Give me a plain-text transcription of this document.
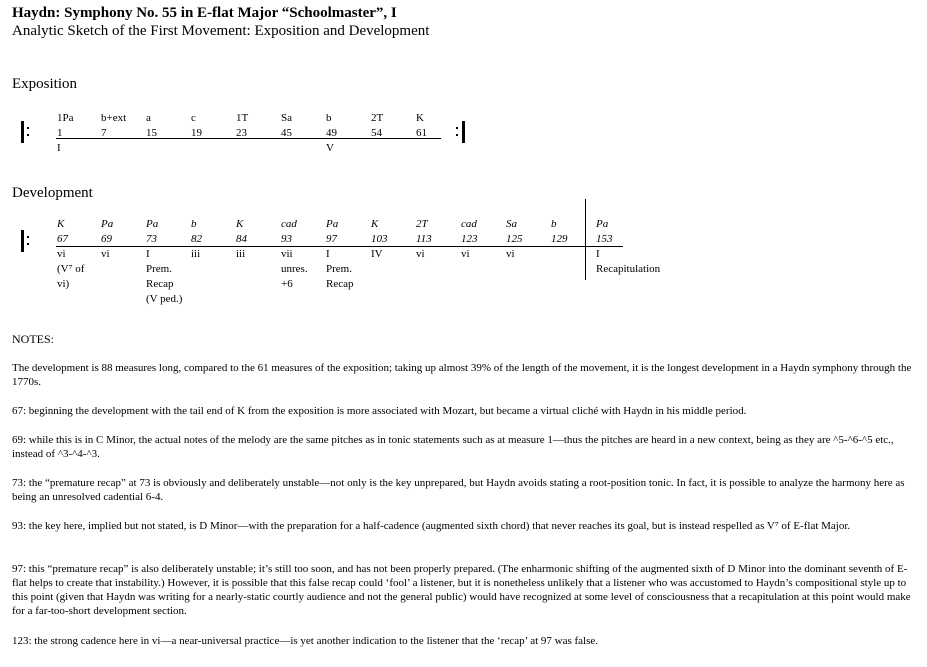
Haydn: Symphony No. 55 in E-flat Major “Schoolmaster”, I
Analytic Sketch of the First Movement: Exposition and Development
Exposition
1Pa
1
I
b+ext
7
a
15
c
19
1T
23
Sa
45
b
49
V
2T
54
K
61
Development
K
67
vi
(V⁷ of
vi)
Pa
69
vi
Pa
73
I
Prem.
Recap
(V ped.)
b
82
iii
K
84
iii
cad
93
vii
unres.
+6
Pa
97
I
Prem.
Recap
K
103
IV
2T
113
vi
cad
123
vi
Sa
125
vi
b
129
Pa
153
I
Recapitulation
NOTES:
The development is 88 measures long, compared to the 61 measures of the exposition; taking up almost 39% of the length of the movement, it is the longest development in a Haydn symphony through the 1770s.
67: beginning the development with the tail end of K from the exposition is more associated with Mozart, but became a virtual cliché with Haydn in his middle period.
69: while this is in C Minor, the actual notes of the melody are the same pitches as in tonic statements such as at measure 1—thus the pitches are heard in a new context, being as they are ^5-^6-^5 etc., instead of ^3-^4-^3.
73: the “premature recap” at 73 is obviously and deliberately unstable—not only is the key unprepared, but Haydn avoids stating a root-position tonic. In fact, it is possible to analyze the harmony here as being an unresolved cadential 6-4.
93: the key here, implied but not stated, is D Minor—with the preparation for a half-cadence (augmented sixth chord) that never reaches its goal, but is instead respelled as V⁷ of E-flat Major.
97: this “premature recap” is also deliberately unstable; it’s still too soon, and has not been properly prepared. (The enharmonic shifting of the augmented sixth of D Minor into the dominant seventh of E-flat helps to create that instability.) However, it is possible that this false recap could ‘fool’ a listener, but it is nonetheless unlikely that a listener who was accustomed to Haydn’s compositional style up to this point (given that Haydn was writing for a nearly-static courtly audience and not the general public) would have recognized at some level of consciousness that a recapitulation at this point would make for a far-too-short development section.
123: the strong cadence here in vi—a near-universal practice—is yet another indication to the listener that the ‘recap’ at 97 was false.
